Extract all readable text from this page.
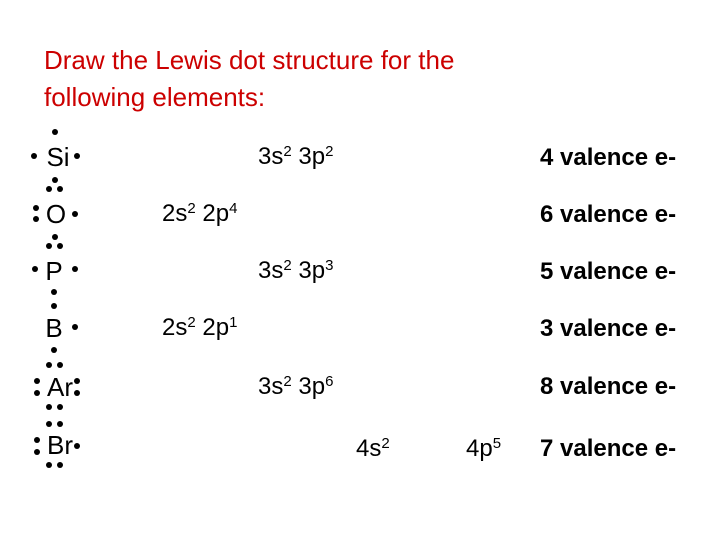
Draw the Lewis dot structure for the
following elements:
Si	$3s^2$ $3p^2$	4 valence e-
O	$2s^2$ $2p^4$	6 valence e-
P	$3s^2$ $3p^3$	5 valence e-
B	$2s^2$ $2p^1$	3 valence e-
Ar	$3s^2$ $3p^6$	8 valence e-
Br	$4s^2$	$4p^5$ 7 valence e-
